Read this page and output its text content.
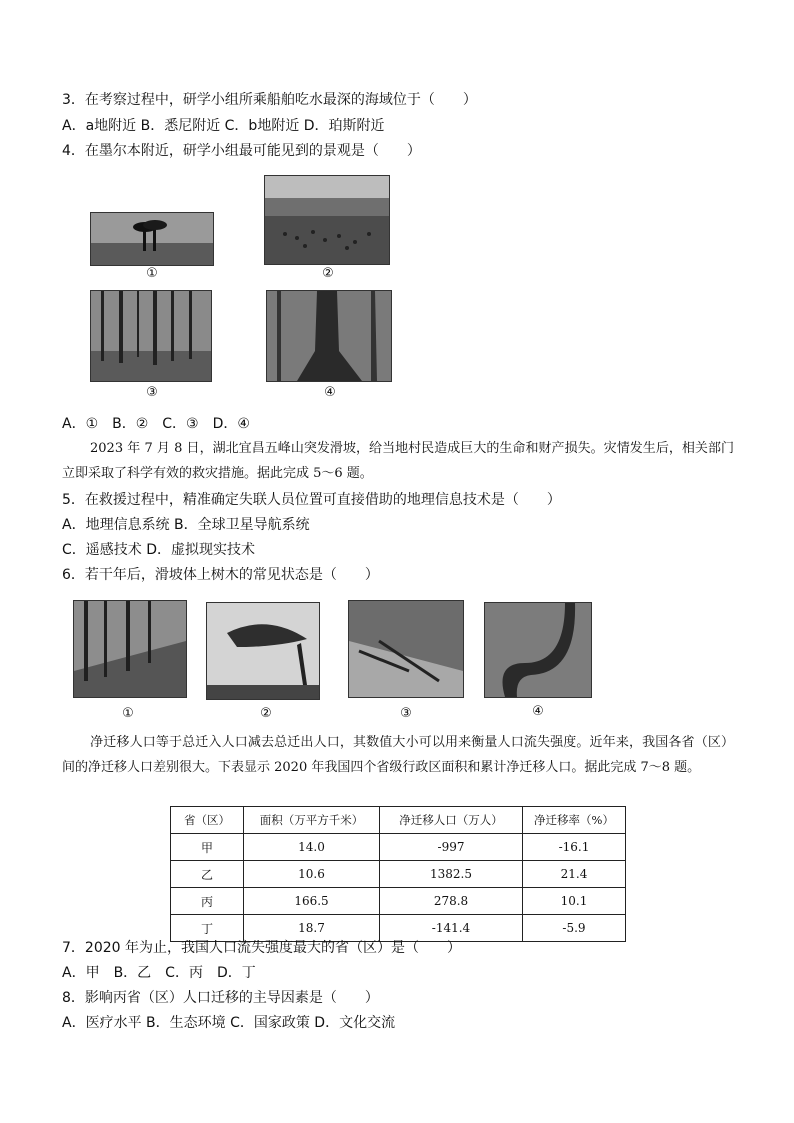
3．在考察过程中，研学小组所乘船舶吃水最深的海域位于（　　）
A．a地附近 B．悉尼附近 C．b地附近 D．珀斯附近
4．在墨尔本附近，研学小组最可能见到的景观是（　　）
①	②
③	④
A．①　B．②　C．③　D．④
2023 年 7 月 8 日，湖北宜昌五峰山突发滑坡，给当地村民造成巨大的生命和财产损失。灾情发生后，相关部门立即采取了科学有效的救灾措施。据此完成 5～6 题。
5．在救援过程中，精准确定失联人员位置可直接借助的地理信息技术是（　　）
A．地理信息系统 B．全球卫星导航系统
C．遥感技术 D．虚拟现实技术
6．若干年后，滑坡体上树木的常见状态是（　　）
①	②	③	④
净迁移人口等于总迁入人口减去总迁出人口，其数值大小可以用来衡量人口流失强度。近年来，我国各省（区）间的净迁移人口差别很大。下表显示 2020 年我国四个省级行政区面积和累计净迁移人口。据此完成 7～8 题。
省（区）	面积（万平方千米）	净迁移人口（万人）	净迁移率（%）
甲	14.0	-997	-16.1
乙	10.6	1382.5	21.4
丙	166.5	278.8	10.1
丁	18.7	-141.4	-5.9
7．2020 年为止，我国人口流失强度最大的省（区）是（　　）
A．甲　B．乙　C．丙　D．丁
8．影响丙省（区）人口迁移的主导因素是（　　）
A．医疗水平 B．生态环境 C．国家政策 D．文化交流
